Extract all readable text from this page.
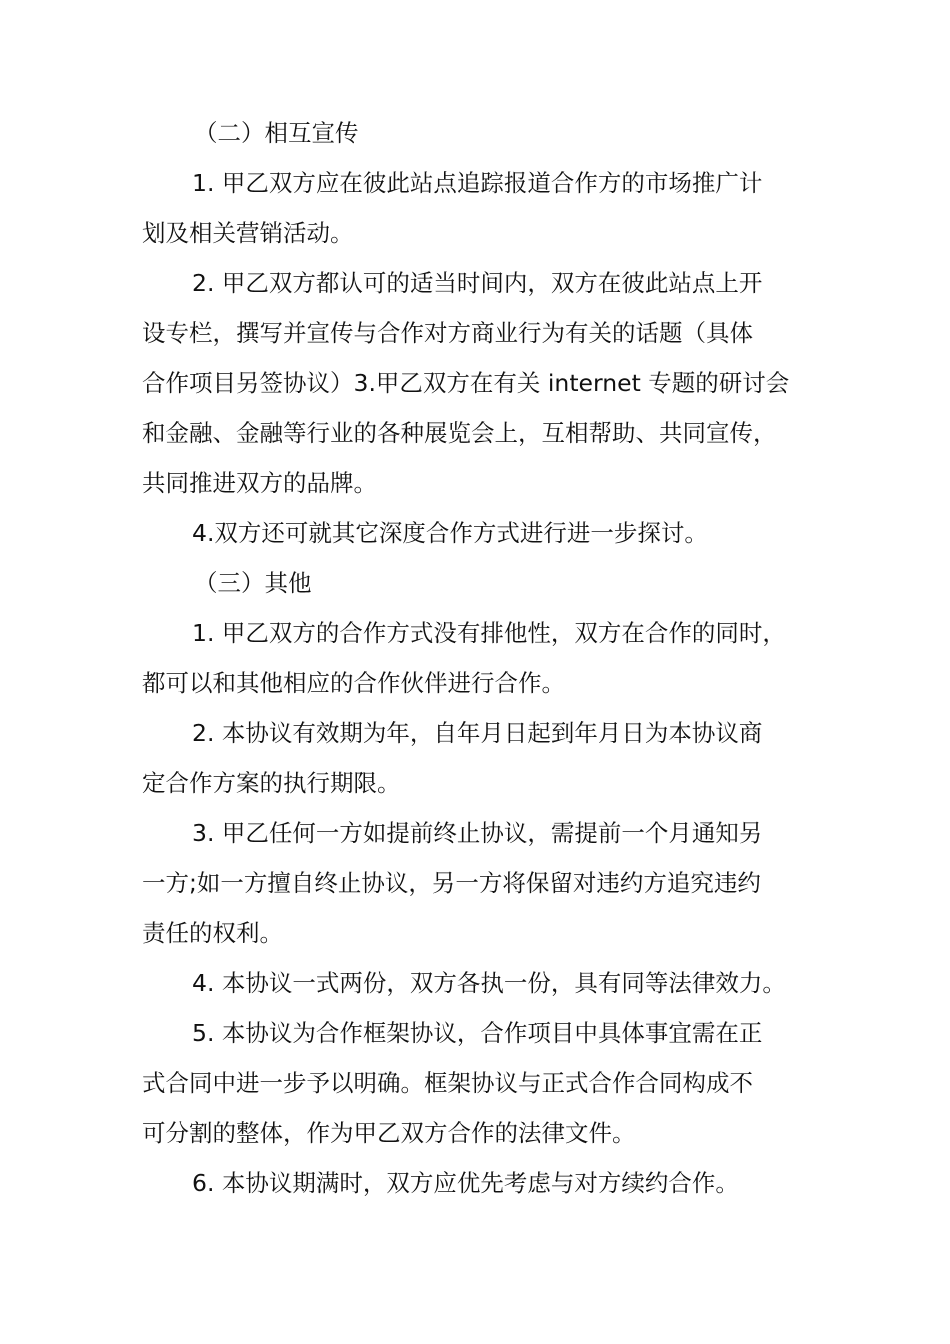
（二）相互宣传
1. 甲乙双方应在彼此站点追踪报道合作方的市场推广计
划及相关营销活动。
2. 甲乙双方都认可的适当时间内，双方在彼此站点上开
设专栏，撰写并宣传与合作对方商业行为有关的话题（具体
合作项目另签协议）3.甲乙双方在有关 internet 专题的研讨会
和金融、金融等行业的各种展览会上，互相帮助、共同宣传，
共同推进双方的品牌。
4.双方还可就其它深度合作方式进行进一步探讨。
（三）其他
1. 甲乙双方的合作方式没有排他性，双方在合作的同时，
都可以和其他相应的合作伙伴进行合作。
2. 本协议有效期为年，自年月日起到年月日为本协议商
定合作方案的执行期限。
3. 甲乙任何一方如提前终止协议，需提前一个月通知另
一方;如一方擅自终止协议，另一方将保留对违约方追究违约
责任的权利。
4. 本协议一式两份，双方各执一份，具有同等法律效力。
5. 本协议为合作框架协议，合作项目中具体事宜需在正
式合同中进一步予以明确。框架协议与正式合作合同构成不
可分割的整体，作为甲乙双方合作的法律文件。
6. 本协议期满时，双方应优先考虑与对方续约合作。
